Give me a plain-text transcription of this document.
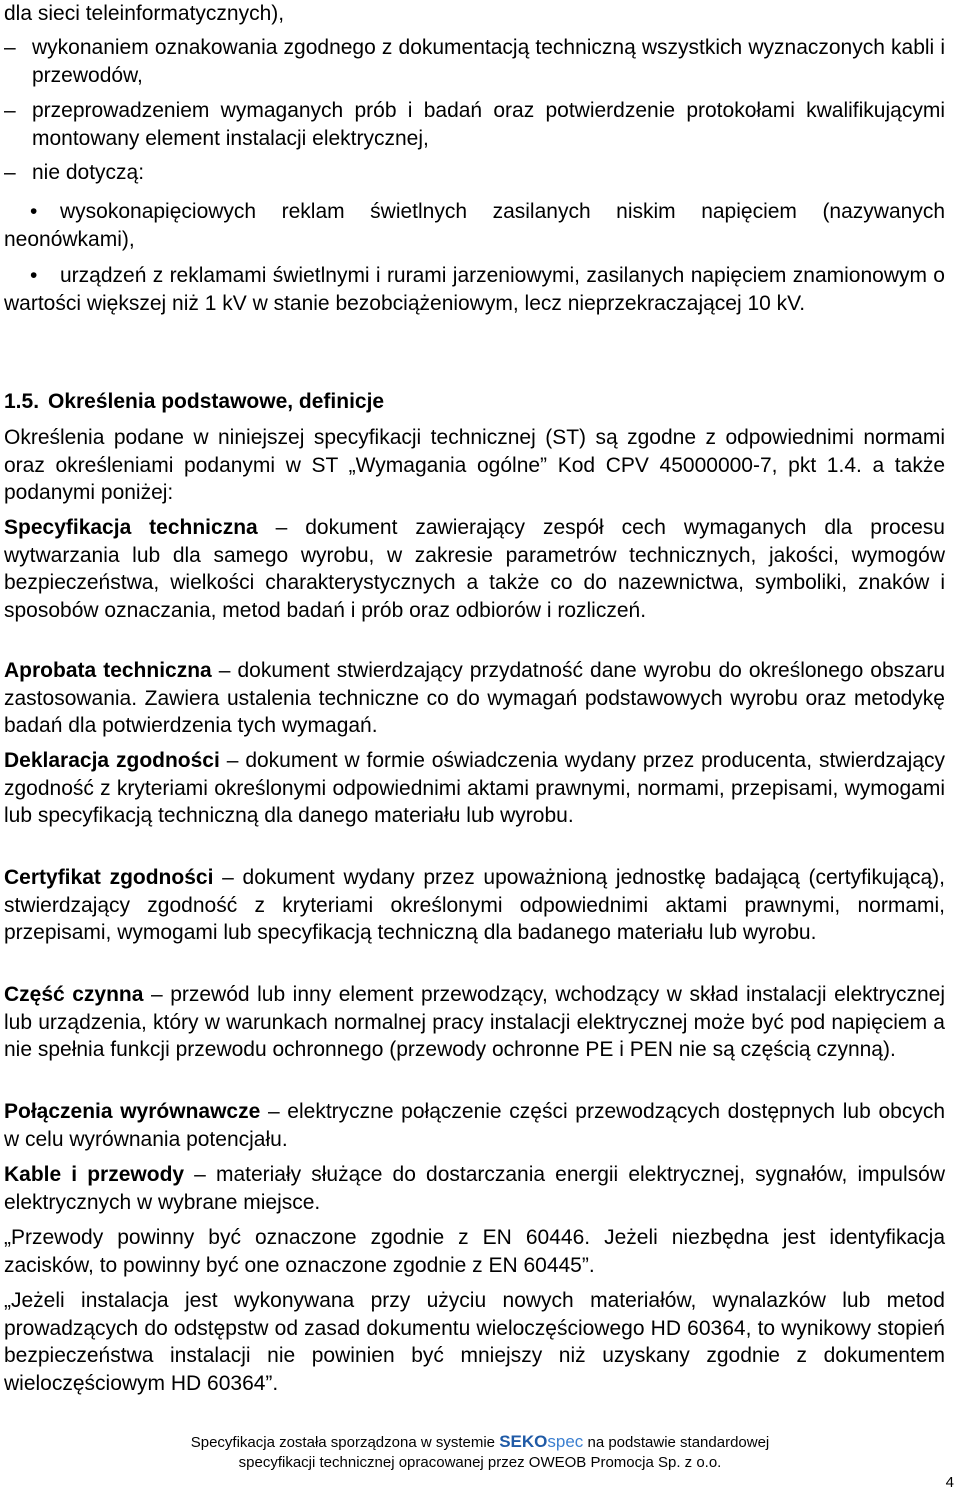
dla sieci teleinformatycznych),

– wykonaniem oznakowania zgodnego z dokumentacją techniczną wszystkich wyznaczonych kabli i przewodów,
– przeprowadzeniem wymaganych prób i badań oraz potwierdzenie protokołami kwalifikującymi montowany element instalacji elektrycznej,
– nie dotyczą:
•	wysokonapięciowych reklam świetlnych zasilanych niskim napięciem (nazywanych neonówkami),
•	urządzeń z reklamami świetlnymi i rurami jarzeniowymi, zasilanych napięciem znamionowym o wartości większej niż 1 kV w stanie bezobciążeniowym, lecz nieprzekraczającej 10 kV.
1.5. Określenia podstawowe, definicje

Określenia podane w niniejszej specyfikacji technicznej (ST) są zgodne z odpowiednimi normami oraz określeniami podanymi w ST „Wymagania ogólne” Kod CPV 45000000-7, pkt 1.4. a także podanymi poniżej:

Specyfikacja techniczna – dokument zawierający zespół cech wymaganych dla procesu wytwarzania lub dla samego wyrobu, w zakresie parametrów technicznych, jakości, wymogów bezpieczeństwa, wielkości charakterystycznych a także co do nazewnictwa, symboliki, znaków i sposobów oznaczania, metod badań i prób oraz odbiorów i rozliczeń.

Aprobata techniczna – dokument stwierdzający przydatność dane wyrobu do określonego obszaru zastosowania. Zawiera ustalenia techniczne co do wymagań podstawowych wyrobu oraz metodykę badań dla potwierdzenia tych wymagań.

Deklaracja zgodności – dokument w formie oświadczenia wydany przez producenta, stwierdzający zgodność z kryteriami określonymi odpowiednimi aktami prawnymi, normami, przepisami, wymogami lub specyfikacją techniczną dla danego materiału lub wyrobu.

Certyfikat zgodności – dokument wydany przez upoważnioną jednostkę badającą (certyfikującą), stwierdzający zgodność z kryteriami określonymi odpowiednimi aktami prawnymi, normami, przepisami, wymogami lub specyfikacją techniczną dla badanego materiału lub wyrobu.

Część czynna – przewód lub inny element przewodzący, wchodzący w skład instalacji elektrycznej lub urządzenia, który w warunkach normalnej pracy instalacji elektrycznej może być pod napięciem a nie spełnia funkcji przewodu ochronnego (przewody ochronne PE i PEN nie są częścią czynną).

Połączenia wyrównawcze – elektryczne połączenie części przewodzących dostępnych lub obcych w celu wyrównania potencjału.

Kable i przewody – materiały służące do dostarczania energii elektrycznej, sygnałów, impulsów elektrycznych w wybrane miejsce.

„Przewody powinny być oznaczone zgodnie z EN 60446. Jeżeli niezbędna jest identyfikacja zacisków, to powinny być one oznaczone zgodnie z EN 60445”.

„Jeżeli instalacja jest wykonywana przy użyciu nowych materiałów, wynalazków lub metod prowadzących do odstępstw od zasad dokumentu wieloczęściowego HD 60364, to wynikowy stopień bezpieczeństwa instalacji nie powinien być mniejszy niż uzyskany zgodnie z dokumentem wieloczęściowym HD 60364”.

Specyfikacja została sporządzona w systemie SEKOspec na podstawie standardowej
specyfikacji technicznej opracowanej przez OWEOB Promocja Sp. z o.o.
4
